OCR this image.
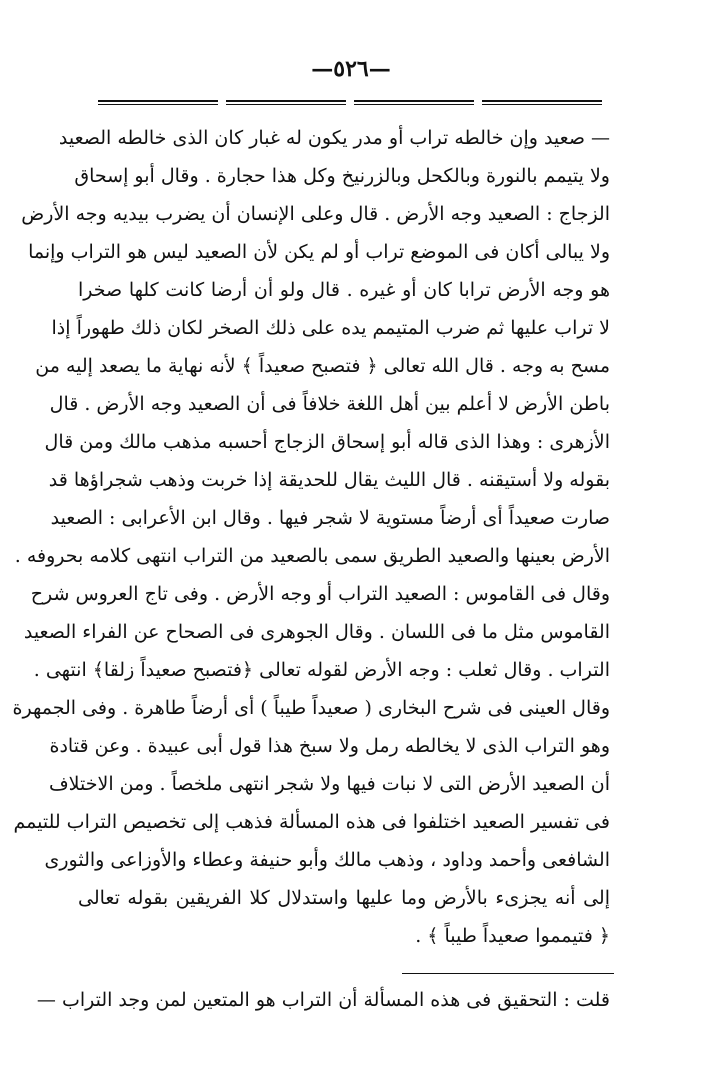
—٥٢٦—
— صعيد وإن خالطه تراب أو مدر يكون له غبار كان الذى خالطه الصعيد
ولا يتيمم بالنورة وبالكحل وبالزرنيخ وكل هذا حجارة . وقال أبو إسحاق
الزجاج : الصعيد وجه الأرض . قال وعلى الإنسان أن يضرب بيديه وجه الأرض
ولا يبالى أكان فى الموضع تراب أو لم يكن لأن الصعيد ليس هو التراب وإنما
هو وجه الأرض ترابا كان أو غيره . قال ولو أن أرضا كانت كلها صخرا
لا تراب عليها ثم ضرب المتيمم يده على ذلك الصخر لكان ذلك طهوراً إذا
مسح به وجه . قال الله تعالى ﴿ فتصبح صعيداً ﴾ لأنه نهاية ما يصعد إليه من
باطن الأرض لا أعلم بين أهل اللغة خلافاً فى أن الصعيد وجه الأرض . قال
الأزهرى : وهذا الذى قاله أبو إسحاق الزجاج أحسبه مذهب مالك ومن قال
بقوله ولا أستيقنه . قال الليث يقال للحديقة إذا خربت وذهب شجراؤها قد
صارت صعيداً أى أرضاً مستوية لا شجر فيها . وقال ابن الأعرابى : الصعيد
الأرض بعينها والصعيد الطريق سمى بالصعيد من التراب انتهى كلامه بحروفه .
وقال فى القاموس : الصعيد التراب أو وجه الأرض . وفى تاج العروس شرح
القاموس مثل ما فى اللسان . وقال الجوهرى فى الصحاح عن الفراء الصعيد
التراب . وقال ثعلب : وجه الأرض لقوله تعالى ﴿فتصبح صعيداً زلقا﴾ انتهى .
وقال العينى فى شرح البخارى ( صعيداً طيباً ) أى أرضاً طاهرة . وفى الجمهرة
وهو التراب الذى لا يخالطه رمل ولا سبخ هذا قول أبى عبيدة . وعن قتادة
أن الصعيد الأرض التى لا نبات فيها ولا شجر انتهى ملخصاً . ومن الاختلاف
فى تفسير الصعيد اختلفوا فى هذه المسألة فذهب إلى تخصيص التراب للتيمم
الشافعى وأحمد وداود ، وذهب مالك وأبو حنيفة وعطاء والأوزاعى والثورى
إلى أنه يجزىء بالأرض وما عليها واستدلال كلا الفريقين بقوله تعالى
﴿ فتيمموا صعيداً طيباً ﴾ .
قلت : التحقيق فى هذه المسألة أن التراب هو المتعين لمن وجد التراب —
